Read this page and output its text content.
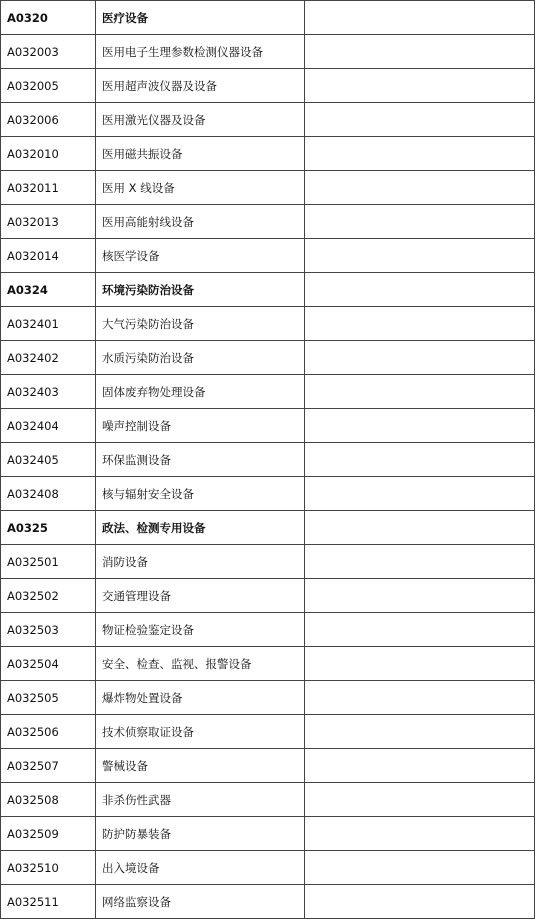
A0320	医疗设备	
A032003	医用电子生理参数检测仪器设备	
A032005	医用超声波仪器及设备	
A032006	医用激光仪器及设备	
A032010	医用磁共振设备	
A032011	医用 X 线设备	
A032013	医用高能射线设备	
A032014	核医学设备	
A0324	环境污染防治设备	
A032401	大气污染防治设备	
A032402	水质污染防治设备	
A032403	固体废弃物处理设备	
A032404	噪声控制设备	
A032405	环保监测设备	
A032408	核与辐射安全设备	
A0325	政法、检测专用设备	
A032501	消防设备	
A032502	交通管理设备	
A032503	物证检验鉴定设备	
A032504	安全、检查、监视、报警设备	
A032505	爆炸物处置设备	
A032506	技术侦察取证设备	
A032507	警械设备	
A032508	非杀伤性武器	
A032509	防护防暴装备	
A032510	出入境设备	
A032511	网络监察设备	
